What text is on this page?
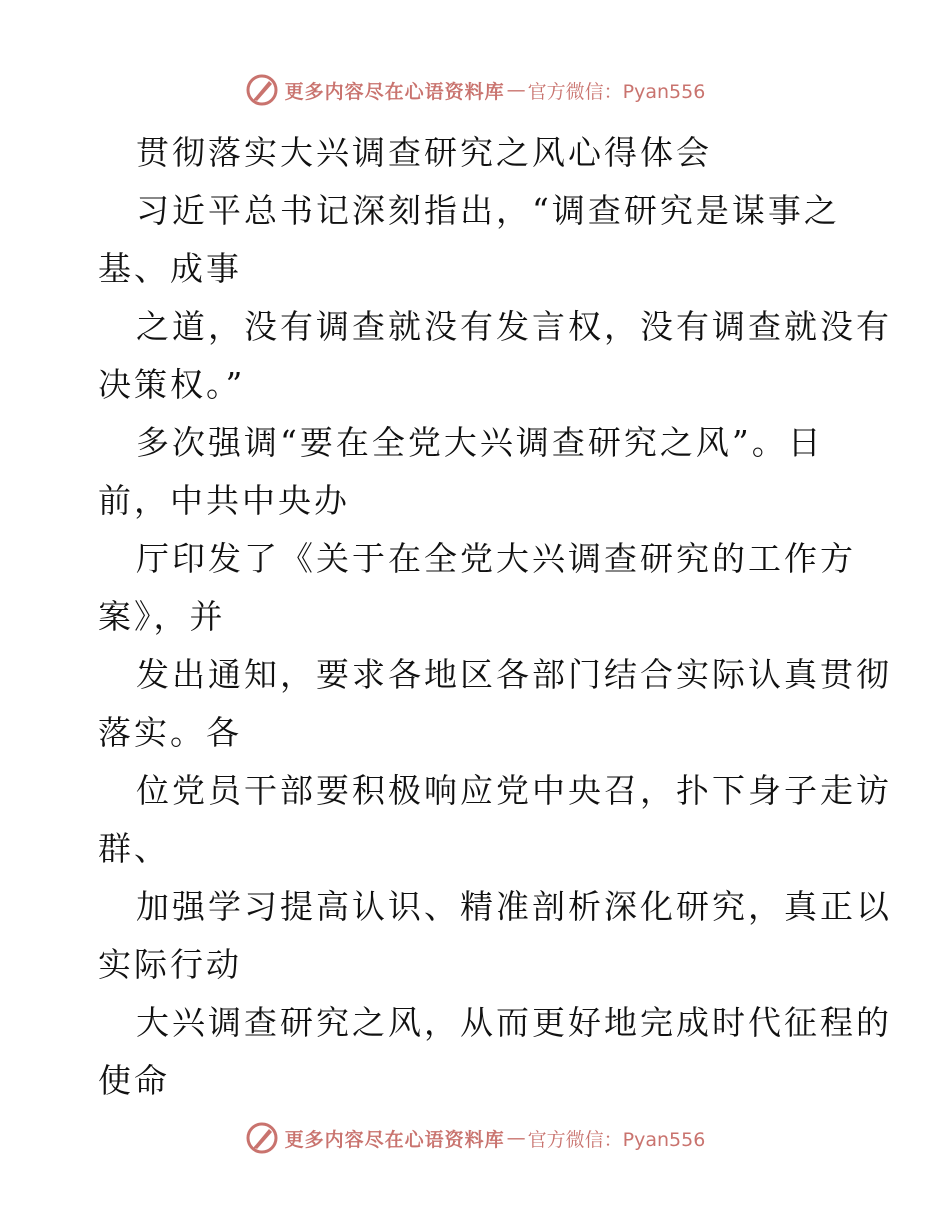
更多内容尽在心语资料库 — 官方微信：Pyan556
贯彻落实大兴调查研究之风心得体会
习近平总书记深刻指出，“调查研究是谋事之
基、成事
之道，没有调查就没有发言权，没有调查就没有
决策权。”
多次强调“要在全党大兴调查研究之风”。日
前，中共中央办
厅印发了《关于在全党大兴调查研究的工作方
案》，并
发出通知，要求各地区各部门结合实际认真贯彻
落实。各
位党员干部要积极响应党中央召，扑下身子走访
群、
加强学习提高认识、精准剖析深化研究，真正以
实际行动
大兴调查研究之风，从而更好地完成时代征程的
使命
更多内容尽在心语资料库 — 官方微信：Pyan556
